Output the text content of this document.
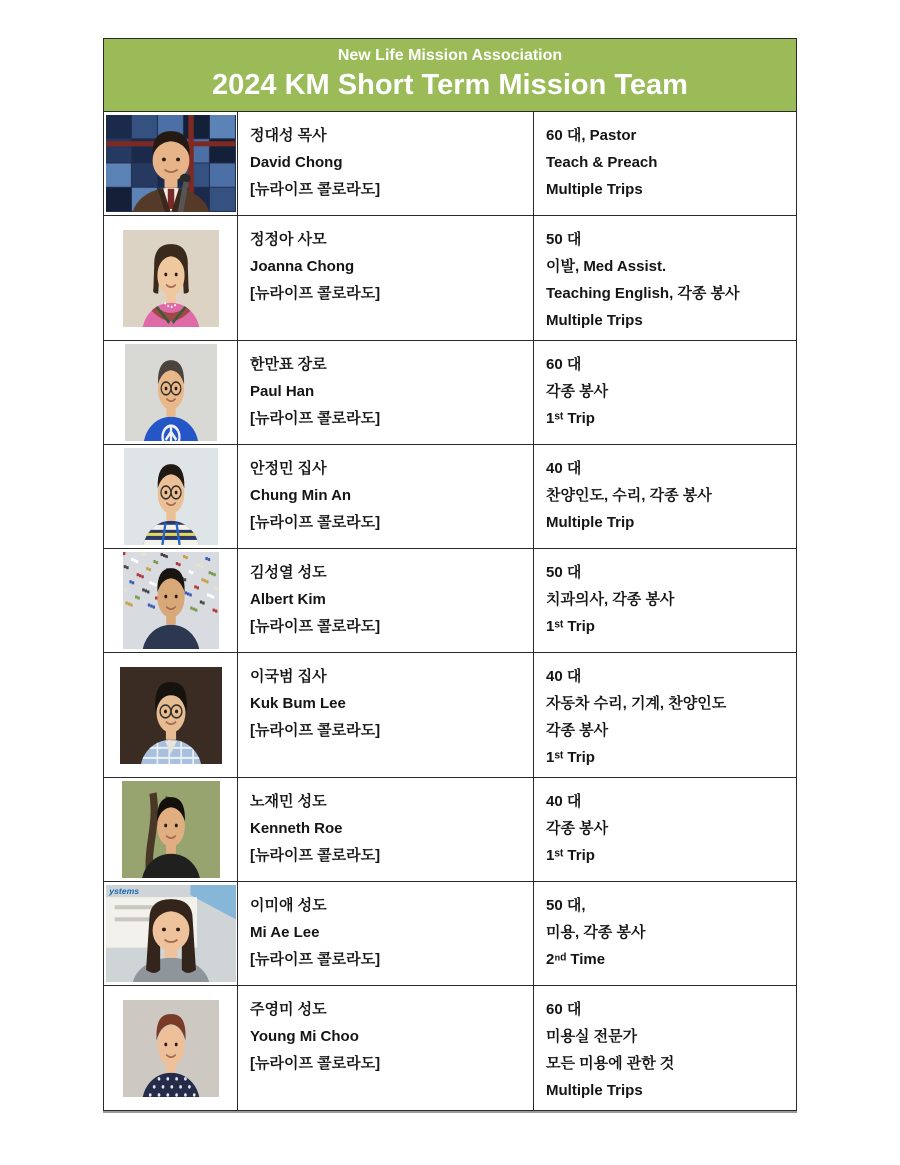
New Life Mission Association
2024 KM Short Term Mission Team
정대성 목사
David Chong
[뉴라이프 콜로라도]
60 대, Pastor
Teach & Preach
Multiple Trips
정정아 사모
Joanna Chong
[뉴라이프 콜로라도]
50 대
이발, Med Assist.
Teaching English, 각종 봉사
Multiple Trips
한만표 장로
Paul Han
[뉴라이프 콜로라도]
60 대
각종 봉사
1ˢᵗ Trip
안정민 집사
Chung Min An
[뉴라이프 콜로라도]
40 대
찬양인도, 수리, 각종 봉사
Multiple Trip
김성열 성도
Albert Kim
[뉴라이프 콜로라도]
50 대
치과의사, 각종 봉사
1ˢᵗ Trip
이국범 집사
Kuk Bum Lee
[뉴라이프 콜로라도]
40 대
자동차 수리, 기계, 찬양인도
각종 봉사
1ˢᵗ Trip
노재민 성도
Kenneth Roe
[뉴라이프 콜로라도]
40 대
각종 봉사
1ˢᵗ Trip
ystems
이미애 성도
Mi Ae Lee
[뉴라이프 콜로라도]
50 대,
미용, 각종 봉사
2ⁿᵈ Time
주영미 성도
Young Mi Choo
[뉴라이프 콜로라도]
60 대
미용실 전문가
모든 미용에 관한 것
Multiple Trips
